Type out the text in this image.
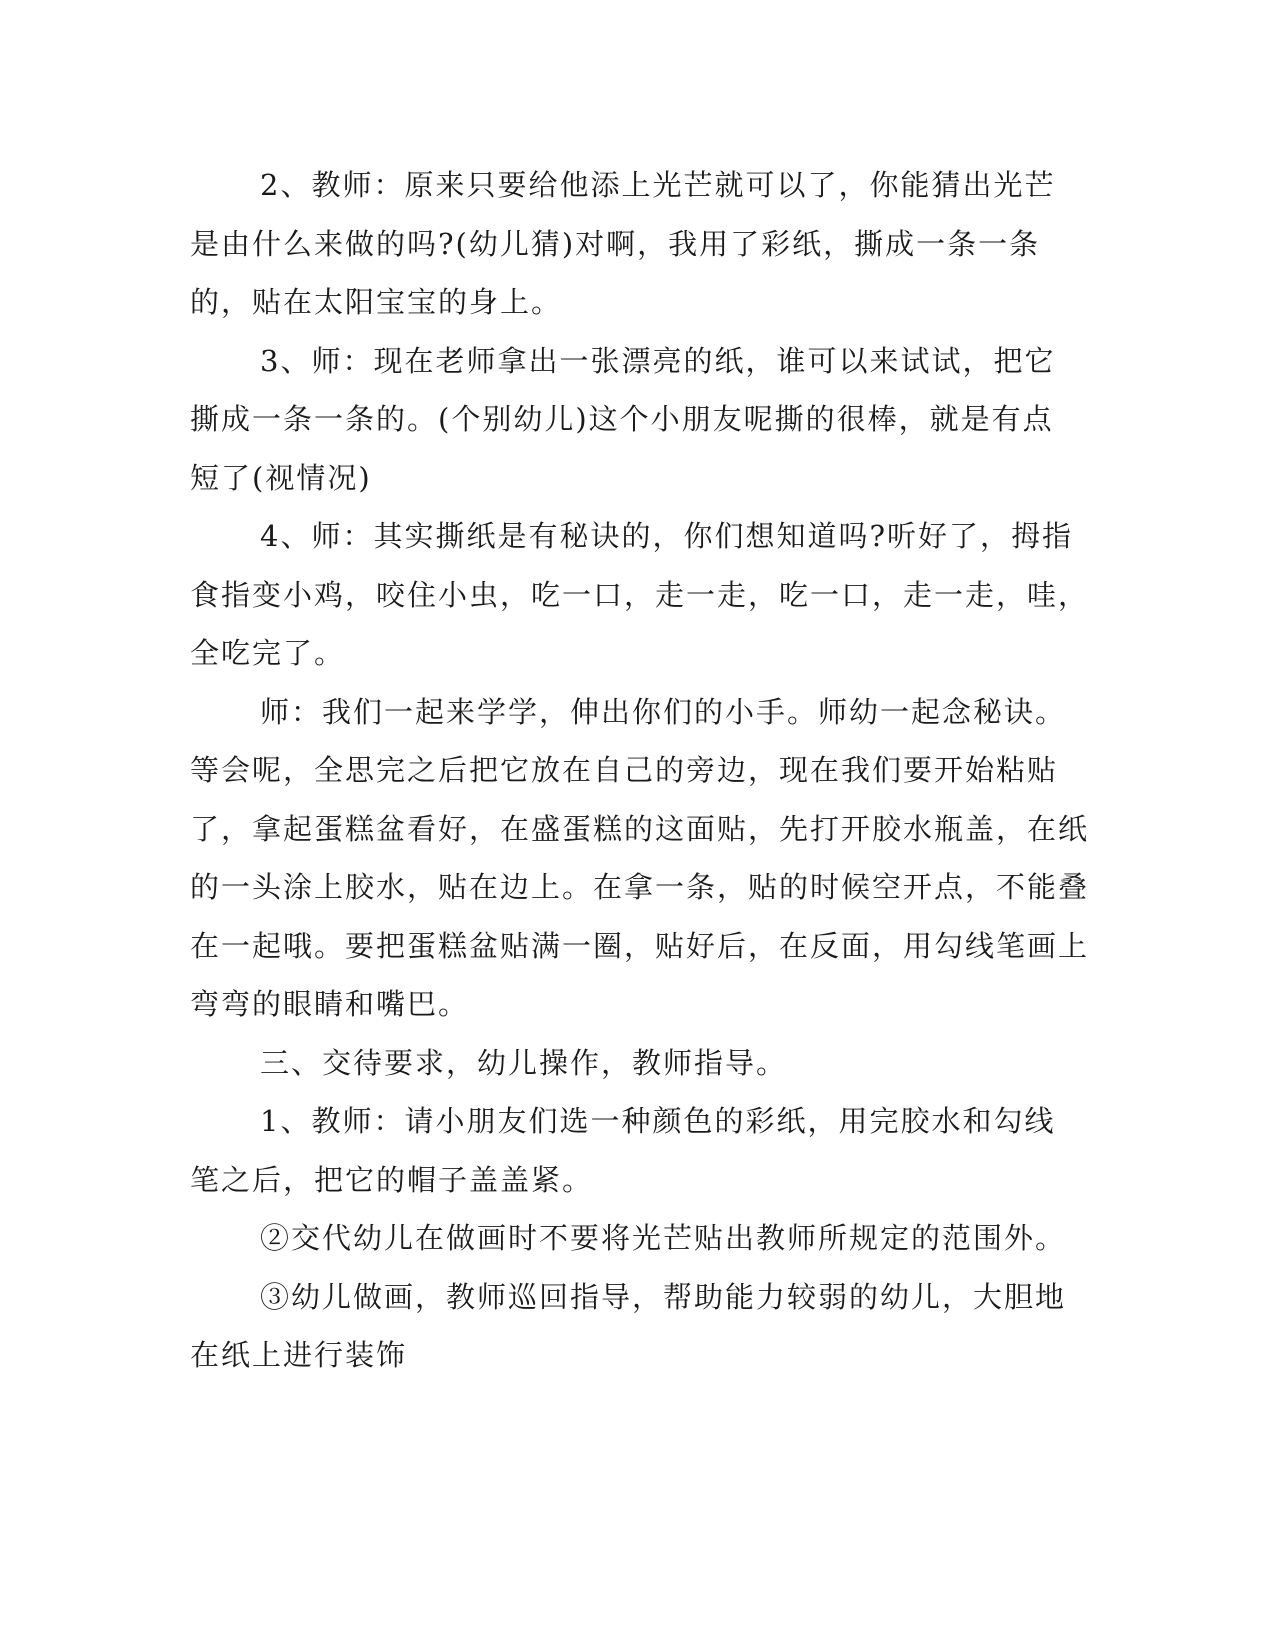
2、教师：原来只要给他添上光芒就可以了，你能猜出光芒是由什么来做的吗?(幼儿猜)对啊，我用了彩纸，撕成一条一条的，贴在太阳宝宝的身上。

3、师：现在老师拿出一张漂亮的纸，谁可以来试试，把它撕成一条一条的。(个别幼儿)这个小朋友呢撕的很棒，就是有点短了(视情况)

4、师：其实撕纸是有秘诀的，你们想知道吗?听好了，拇指食指变小鸡，咬住小虫，吃一口，走一走，吃一口，走一走，哇，全吃完了。

师：我们一起来学学，伸出你们的小手。师幼一起念秘诀。等会呢，全思完之后把它放在自己的旁边，现在我们要开始粘贴了，拿起蛋糕盆看好，在盛蛋糕的这面贴，先打开胶水瓶盖，在纸的一头涂上胶水，贴在边上。在拿一条，贴的时候空开点，不能叠在一起哦。要把蛋糕盆贴满一圈，贴好后，在反面，用勾线笔画上弯弯的眼睛和嘴巴。

三、交待要求，幼儿操作，教师指导。

1、教师：请小朋友们选一种颜色的彩纸，用完胶水和勾线笔之后，把它的帽子盖盖紧。

②交代幼儿在做画时不要将光芒贴出教师所规定的范围外。

③幼儿做画，教师巡回指导，帮助能力较弱的幼儿，大胆地在纸上进行装饰
